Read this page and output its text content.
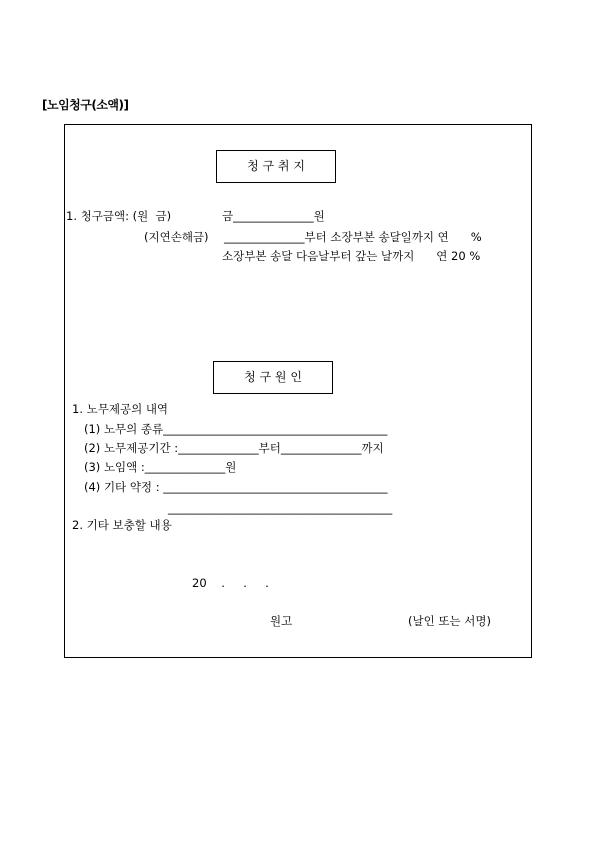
[노임청구(소액)]
청 구 취 지
1. 청구금액: (원  금)	금______________원
(지연손해금) ______________부터 소장부본 송달일까지 연      %
소장부본 송달 다음날부터 갚는 날까지      연 20 %
청 구 원 인
1. 노무제공의 내역
(1) 노무의 종류_______________________________________
(2) 노무제공기간 :______________부터______________까지
(3) 노임액 :______________원
(4) 기타 약정 : _______________________________________
_______________________________________
2. 기타 보충할 내용
20    .     .     .
원고	(날인 또는 서명)
